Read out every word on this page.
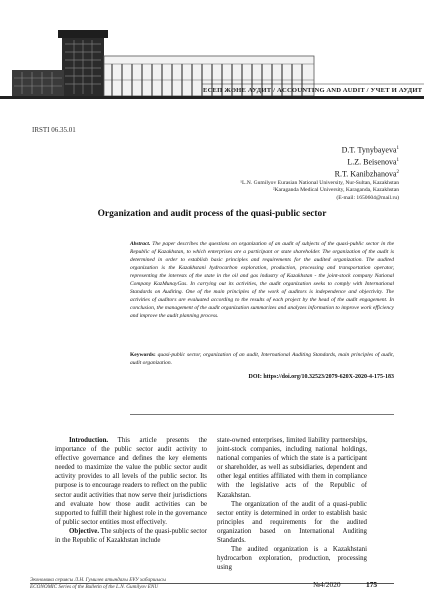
ЕСЕП ЖӘНЕ АУДИТ / ACCOUNTING AND AUDIT / УЧЕТ И АУДИТ
IRSTI 06.35.01
D.T. Tynybayeva$^1$
L.Z. Beisenova$^1$
R.T. Kanibzhanova$^2$
¹L.N. Gumilyov Eurasian National University, Nur-Sultan, Kazakhstan
²Karaganda Medical University, Karaganda, Kazakhstan
(E-mail: 1650604@mail.ru)
Organization and audit process of the quasi-public sector
Abstract. The paper describes the questions on organization of an audit of subjects of the quasi-public sector in the Republic of Kazakhstan, to which enterprises are a participant or state shareholder. The organization of the audit is determined in order to establish basic principles and requirements for the audited organization. The audited organization is the Kazakhstani hydrocarbon exploration, production, processing and transportation operator, representing the interests of the state in the oil and gas industry of Kazakhstan - the joint-stock company National Company KazMunayGas. In carrying out its activities, the audit organization seeks to comply with International Standards on Auditing. One of the main principles of the work of auditors is independence and objectivity. The activities of auditors are evaluated according to the results of each project by the head of the audit engagement. In conclusion, the management of the audit organization summarizes and analyzes information to improve work efficiency and improve the audit planning process.
Keywords: quasi-public sector, organization of an audit, International Auditing Standards, main principles of audit, audit organization.
DOI: https://doi.org/10.32523/2079-620X-2020-4-175-183

Introduction. This article presents the importance of the public sector audit activity to effective governance and defines the key elements needed to maximize the value the public sector audit activity provides to all levels of the public sector. Its purpose is to encourage readers to reflect on the public sector audit activities that now serve their jurisdictions and evaluate how those audit activities can be supported to fulfill their highest role in the governance of public sector entities most effectively.

Objective. The subjects of the quasi-public sector in the Republic of Kazakhstan include

state-owned enterprises, limited liability partnerships, joint-stock companies, including national holdings, national companies of which the state is a participant or shareholder, as well as subsidiaries, dependent and other legal entities affiliated with them in compliance with the legislative acts of the Republic of Kazakhstan.

The organization of the audit of a quasi-public sector entity is determined in order to establish basic principles and requirements for the audited organization based on International Auditing Standards.

The audited organization is a Kazakhstani hydrocarbon exploration, production, processing using

Экономика сериясы Л.Н. Гумилев атындағы ЕҰУ хабаршысы
ECONOMIC Series of the Bulletin of the L.N. Gumilyov ENU	№4/2020	175
